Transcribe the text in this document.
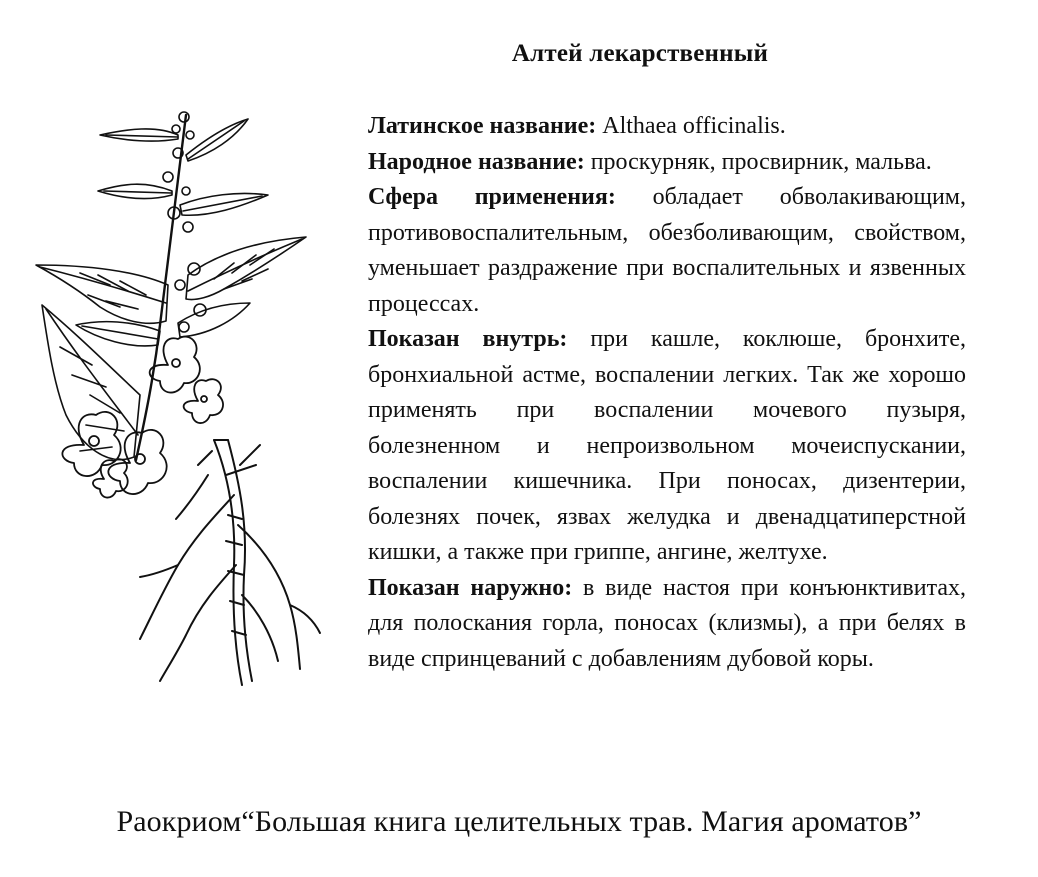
Алтей лекарственный

Латинское название: Althaea officinalis.

Народное название: проскурняк, просвирник, мальва.

Сфера применения: обладает обволакивающим, противовоспалительным, обезболивающим, свойством, уменьшает раздражение при воспалительных и язвенных процессах.

Показан внутрь: при кашле, коклюше, бронхите, бронхиальной астме, воспалении легких. Так же хорошо применять при воспалении мочевого пузыря, болезненном и непроизвольном мочеиспускании, воспалении кишечника. При поносах, дизентерии, болезнях почек, язвах желудка и двенадцатиперстной кишки, а также при гриппе, ангине, желтухе.

Показан наружно: в виде настоя при конъюнктивитах, для полоскания горла, поносах (клизмы), а при белях в виде спринцеваний с добавлениям дубовой коры.

Раокриом“Большая книга целительных трав. Магия ароматов”
